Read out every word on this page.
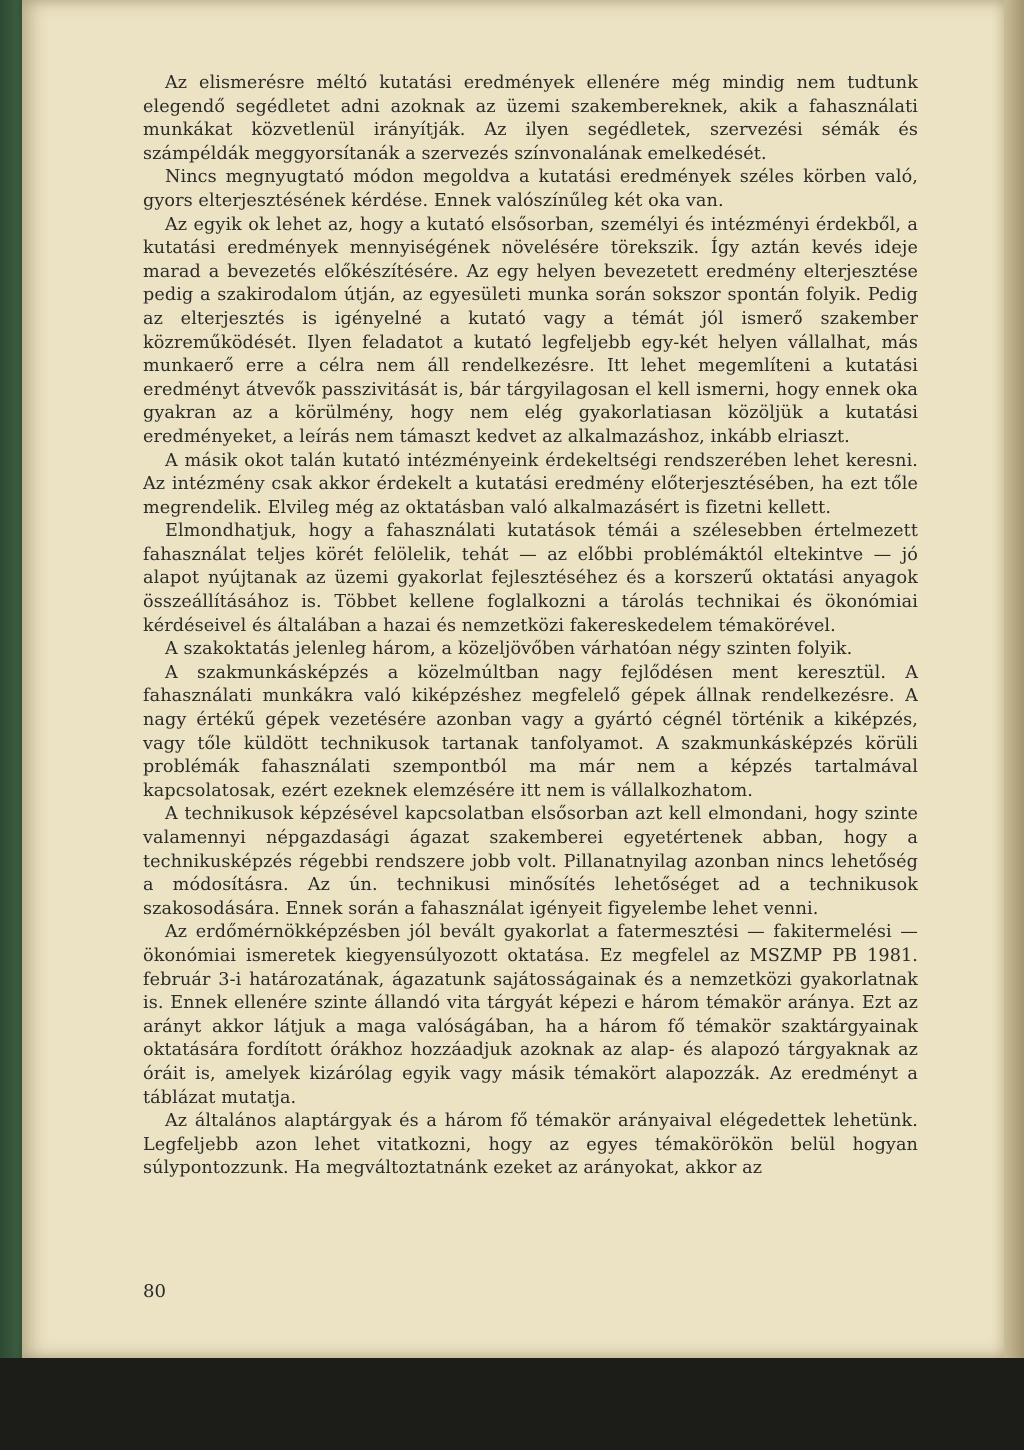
Az elismerésre méltó kutatási eredmények ellenére még mindig nem tudtunk elegendő segédletet adni azoknak az üzemi szakembereknek, akik a fahasználati munkákat közvetlenül irányítják. Az ilyen segédletek, szervezési sémák és számpéldák meggyorsítanák a szervezés színvonalának emelkedését.

Nincs megnyugtató módon megoldva a kutatási eredmények széles körben való, gyors elterjesztésének kérdése. Ennek valószínűleg két oka van.

Az egyik ok lehet az, hogy a kutató elsősorban, személyi és intézményi érdekből, a kutatási eredmények mennyiségének növelésére törekszik. Így aztán kevés ideje marad a bevezetés előkészítésére. Az egy helyen bevezetett eredmény elterjesztése pedig a szakirodalom útján, az egyesületi munka során sokszor spontán folyik. Pedig az elterjesztés is igényelné a kutató vagy a témát jól ismerő szakember közreműködését. Ilyen feladatot a kutató legfeljebb egy-két helyen vállalhat, más munkaerő erre a célra nem áll rendelkezésre. Itt lehet megemlíteni a kutatási eredményt átvevők passzivitását is, bár tárgyilagosan el kell ismerni, hogy ennek oka gyakran az a körülmény, hogy nem elég gyakorlatiasan közöljük a kutatási eredményeket, a leírás nem támaszt kedvet az alkalmazáshoz, inkább elriaszt.

A másik okot talán kutató intézményeink érdekeltségi rendszerében lehet keresni. Az intézmény csak akkor érdekelt a kutatási eredmény előterjesztésében, ha ezt tőle megrendelik. Elvileg még az oktatásban való alkalmazásért is fizetni kellett.

Elmondhatjuk, hogy a fahasználati kutatások témái a szélesebben értelmezett fahasználat teljes körét felölelik, tehát — az előbbi problémáktól eltekintve — jó alapot nyújtanak az üzemi gyakorlat fejlesztéséhez és a korszerű oktatási anyagok összeállításához is. Többet kellene foglalkozni a tárolás technikai és ökonómiai kérdéseivel és általában a hazai és nemzetközi fakereskedelem témakörével.

A szakoktatás jelenleg három, a közeljövőben várhatóan négy szinten folyik.

A szakmunkásképzés a közelmúltban nagy fejlődésen ment keresztül. A fahasználati munkákra való kiképzéshez megfelelő gépek állnak rendelkezésre. A nagy értékű gépek vezetésére azonban vagy a gyártó cégnél történik a kiképzés, vagy tőle küldött technikusok tartanak tanfolyamot. A szakmunkásképzés körüli problémák fahasználati szempontból ma már nem a képzés tartalmával kapcsolatosak, ezért ezeknek elemzésére itt nem is vállalkozhatom.

A technikusok képzésével kapcsolatban elsősorban azt kell elmondani, hogy szinte valamennyi népgazdasági ágazat szakemberei egyetértenek abban, hogy a technikusképzés régebbi rendszere jobb volt. Pillanatnyilag azonban nincs lehetőség a módosításra. Az ún. technikusi minősítés lehetőséget ad a technikusok szakosodására. Ennek során a fahasználat igényeit figyelembe lehet venni.

Az erdőmérnökképzésben jól bevált gyakorlat a fatermesztési — fakitermelési — ökonómiai ismeretek kiegyensúlyozott oktatása. Ez megfelel az MSZMP PB 1981. február 3-i határozatának, ágazatunk sajátosságainak és a nemzetközi gyakorlatnak is. Ennek ellenére szinte állandó vita tárgyát képezi e három témakör aránya. Ezt az arányt akkor látjuk a maga valóságában, ha a három fő témakör szaktárgyainak oktatására fordított órákhoz hozzáadjuk azoknak az alap- és alapozó tárgyaknak az óráit is, amelyek kizárólag egyik vagy másik témakört alapozzák. Az eredményt a táblázat mutatja.

Az általános alaptárgyak és a három fő témakör arányaival elégedettek lehetünk. Legfeljebb azon lehet vitatkozni, hogy az egyes témakörökön belül hogyan súlypontozzunk. Ha megváltoztatnánk ezeket az arányokat, akkor az

80
